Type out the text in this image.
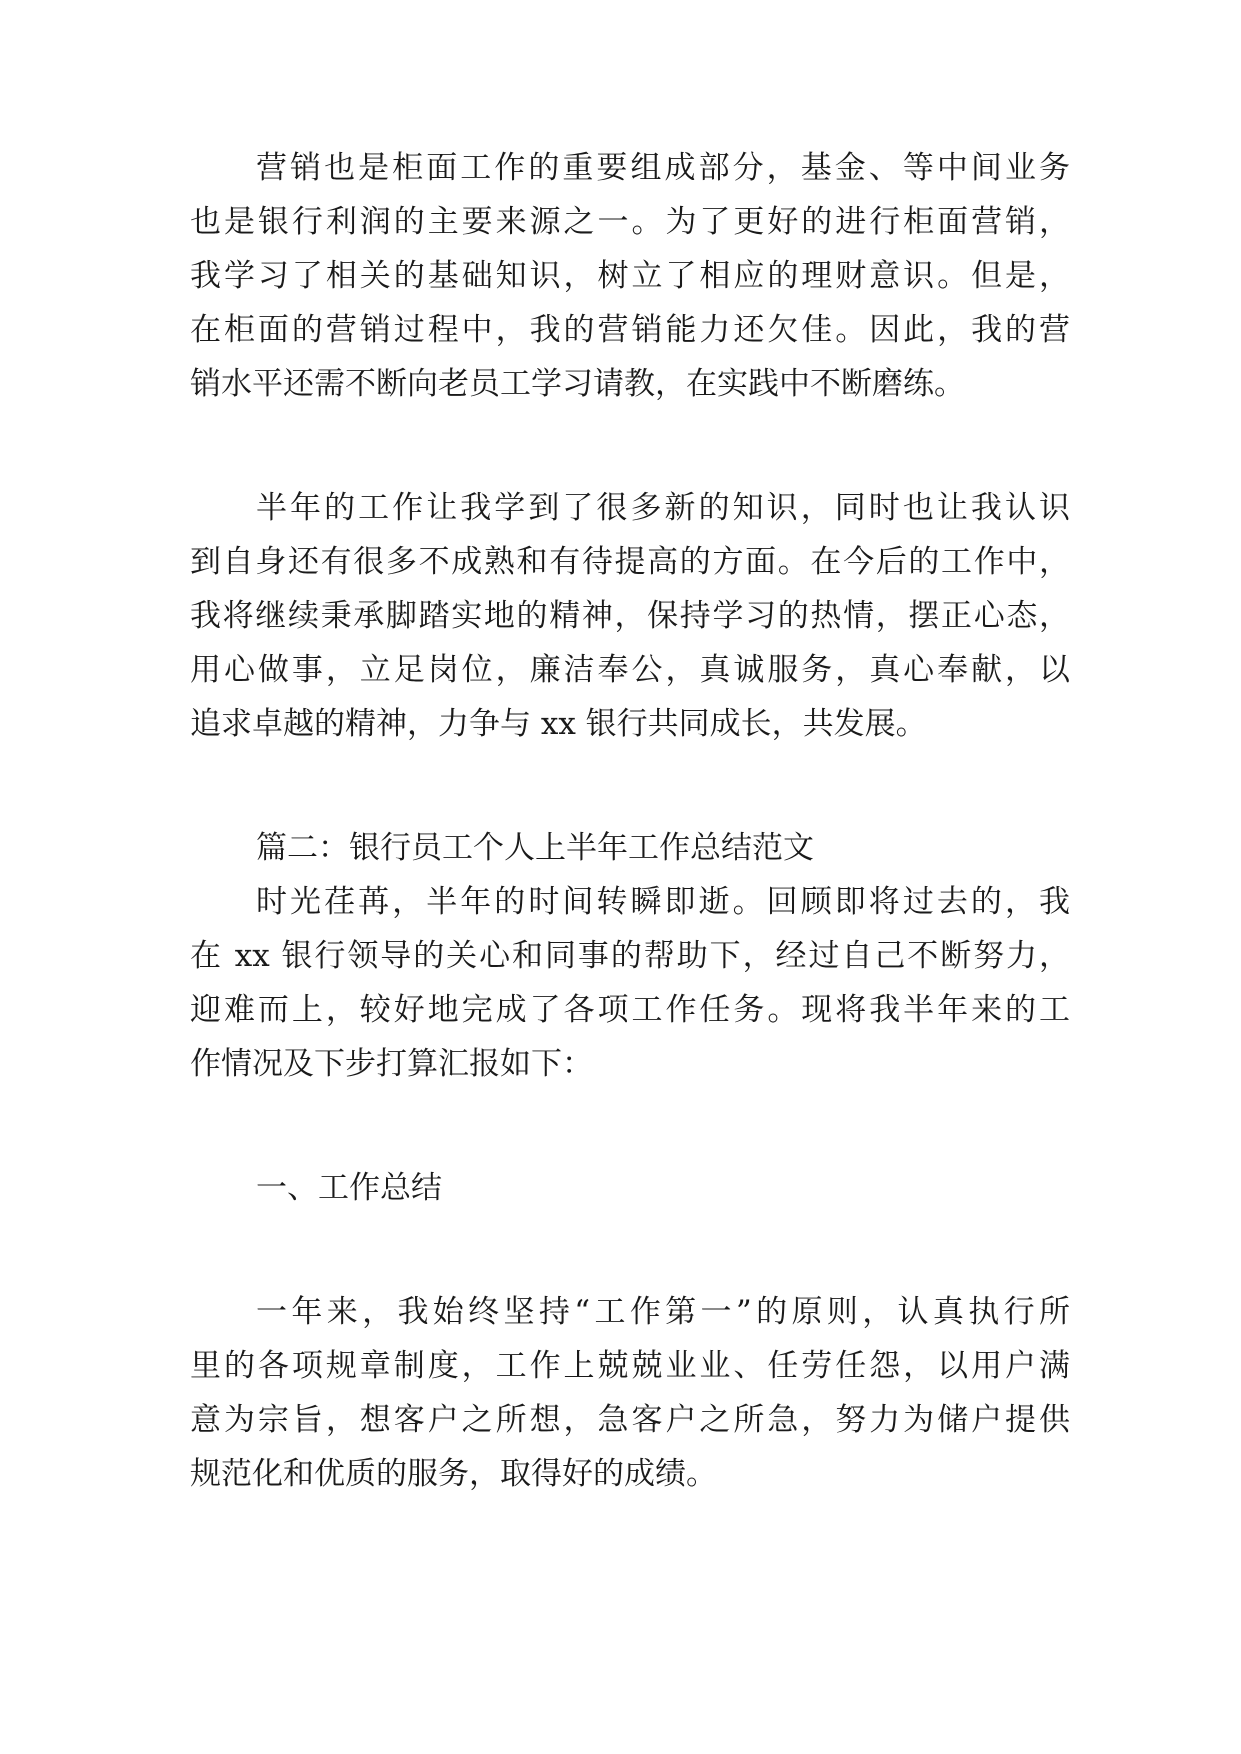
营销也是柜面工作的重要组成部分，基金、等中间业务
也是银行利润的主要来源之一。为了更好的进行柜面营销，
我学习了相关的基础知识，树立了相应的理财意识。但是，
在柜面的营销过程中，我的营销能力还欠佳。因此，我的营
销水平还需不断向老员工学习请教，在实践中不断磨练。
半年的工作让我学到了很多新的知识，同时也让我认识
到自身还有很多不成熟和有待提高的方面。在今后的工作中，
我将继续秉承脚踏实地的精神，保持学习的热情，摆正心态，
用心做事，立足岗位，廉洁奉公，真诚服务，真心奉献，以
追求卓越的精神，力争与 xx 银行共同成长，共发展。
篇二：银行员工个人上半年工作总结范文
时光荏苒，半年的时间转瞬即逝。回顾即将过去的，我
在 xx 银行领导的关心和同事的帮助下，经过自己不断努力，
迎难而上，较好地完成了各项工作任务。现将我半年来的工
作情况及下步打算汇报如下：
一、工作总结
一年来，我始终坚持“工作第一”的原则，认真执行所
里的各项规章制度，工作上兢兢业业、任劳任怨，以用户满
意为宗旨，想客户之所想，急客户之所急，努力为储户提供
规范化和优质的服务，取得好的成绩。
